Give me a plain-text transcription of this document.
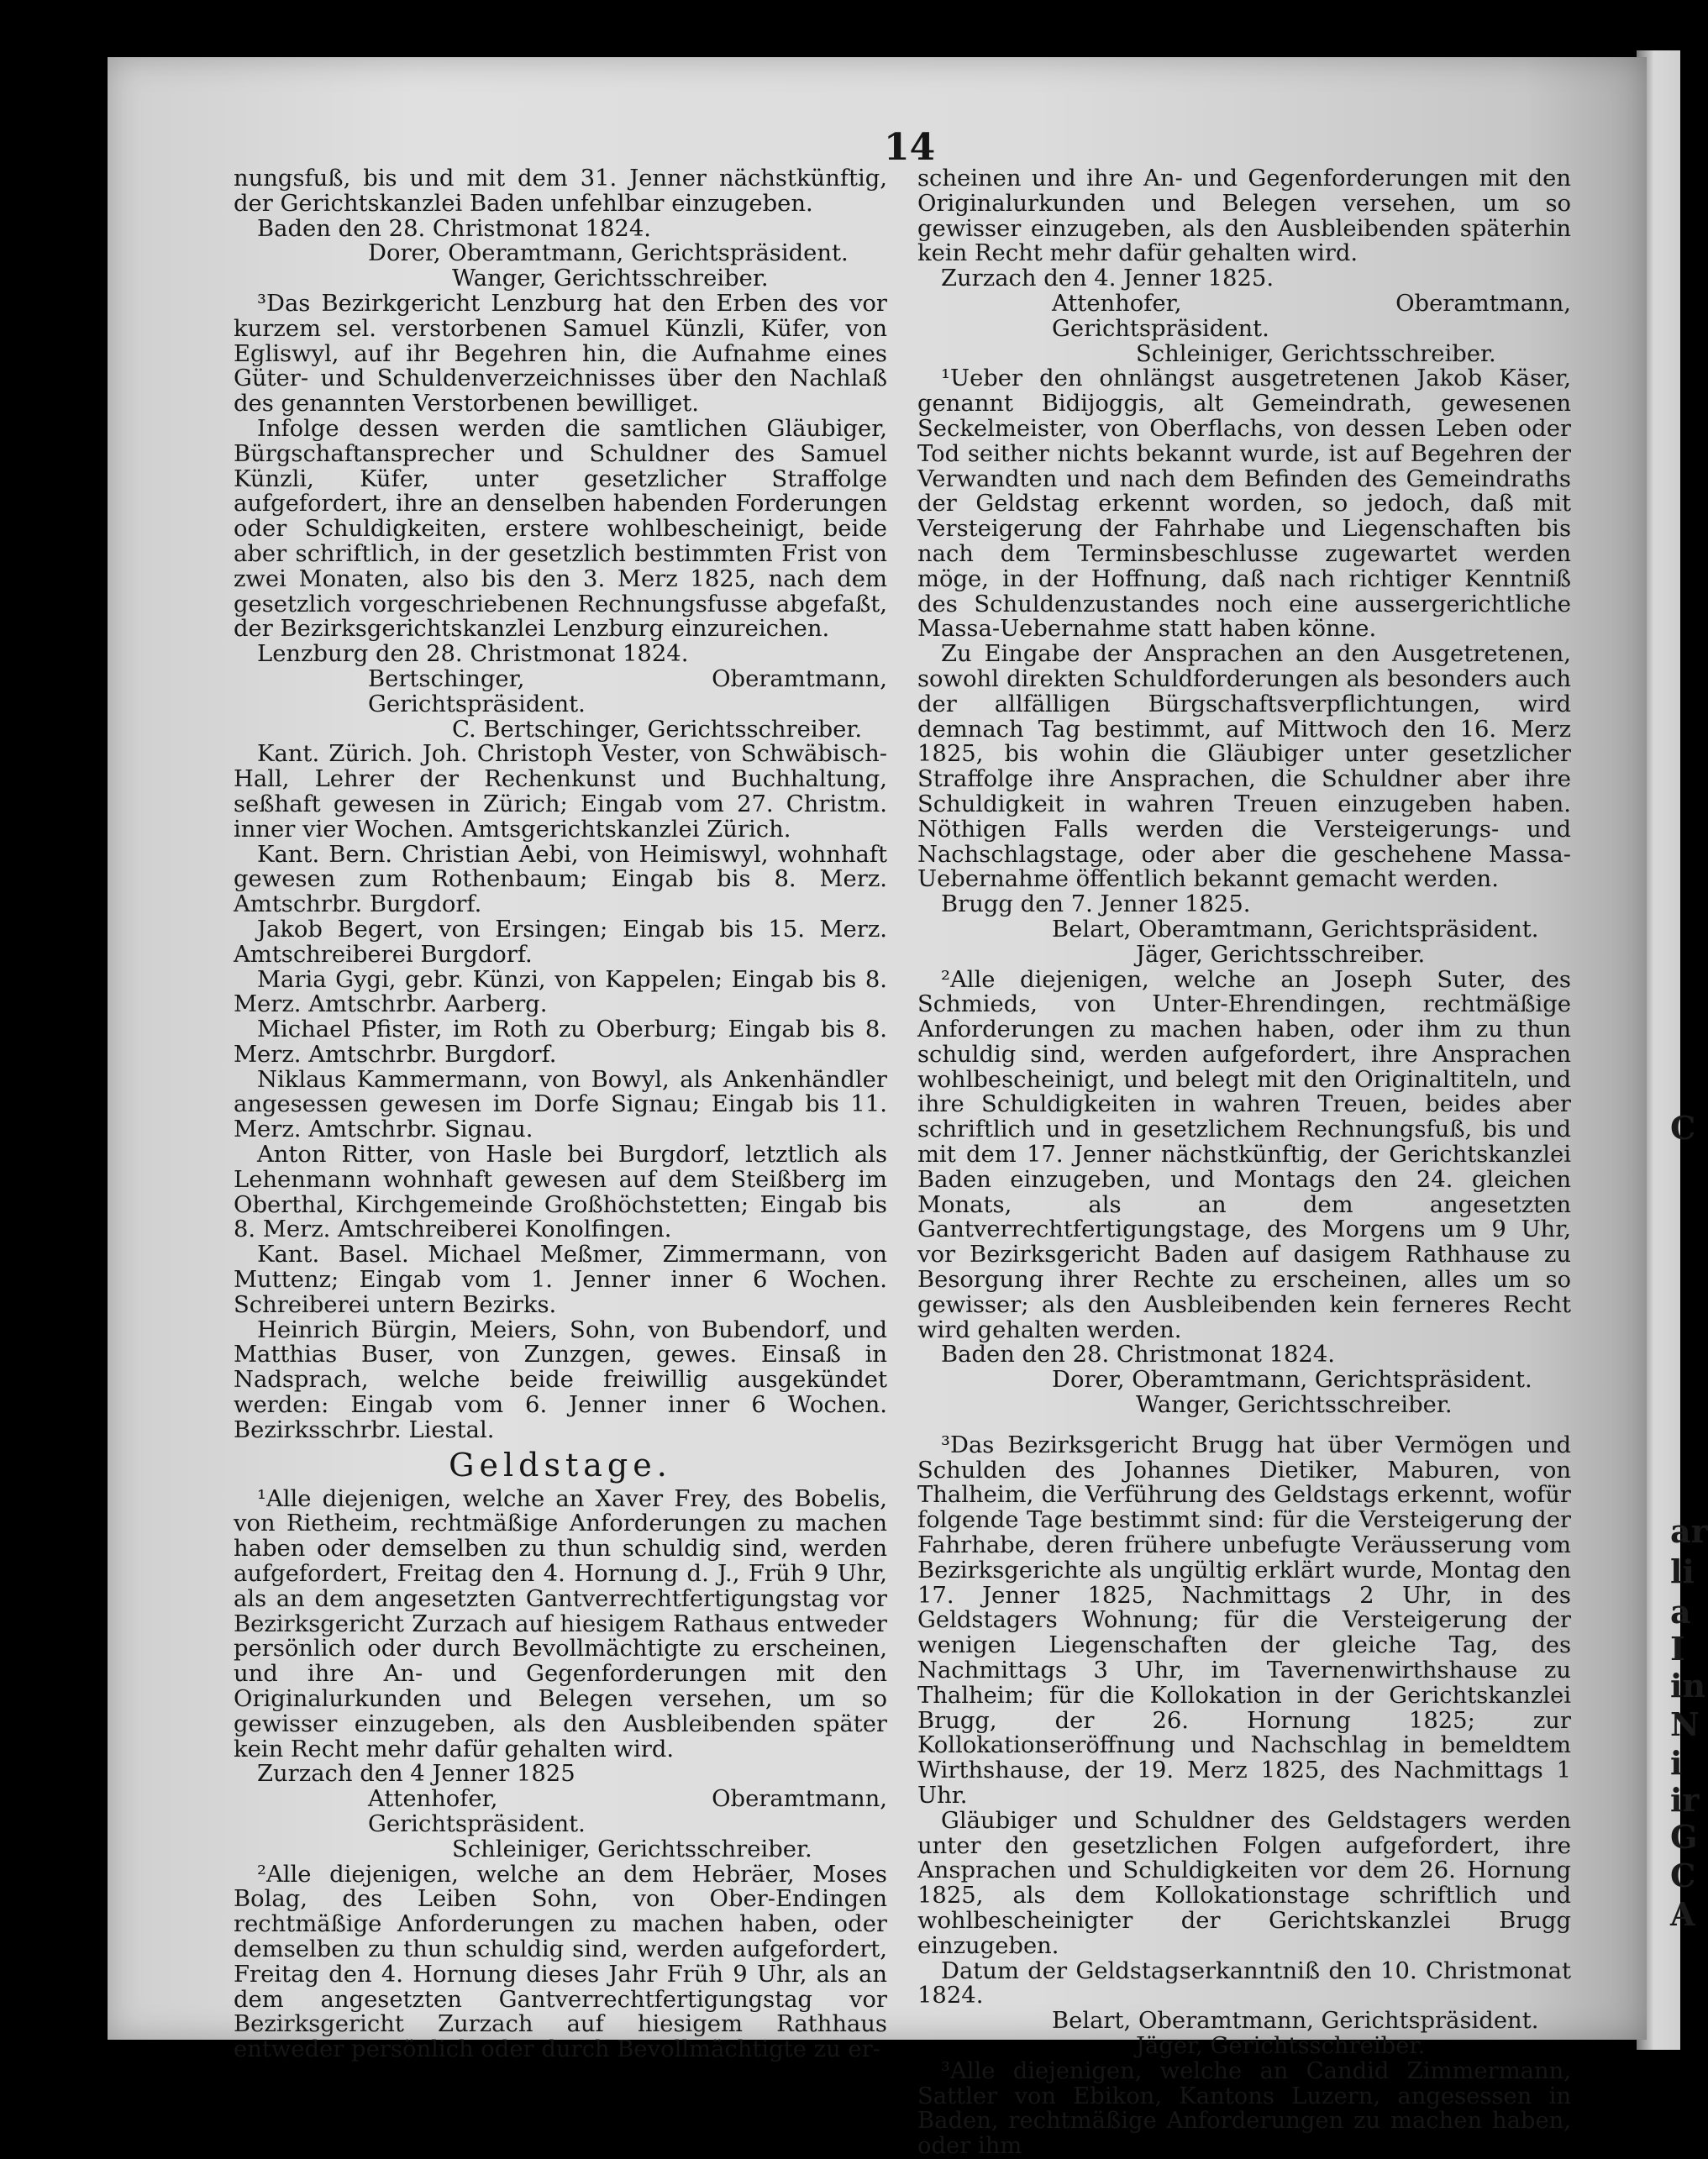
14

nungsfuß, bis und mit dem 31. Jenner nächstkünftig, der Gerichtskanzlei Baden unfehlbar einzugeben.

Baden den 28. Christmonat 1824.

Dorer, Oberamtmann, Gerichtspräsident.

Wanger, Gerichtsschreiber.

³Das Bezirkgericht Lenzburg hat den Erben des vor kurzem sel. verstorbenen Samuel Künzli, Küfer, von Egliswyl, auf ihr Begehren hin, die Aufnahme eines Güter- und Schuldenverzeichnisses über den Nachlaß des genannten Verstorbenen bewilliget.

Infolge dessen werden die samtlichen Gläubiger, Bürgschaftansprecher und Schuldner des Samuel Künzli, Küfer, unter gesetzlicher Straffolge aufgefordert, ihre an denselben habenden Forderungen oder Schuldigkeiten, erstere wohlbescheinigt, beide aber schriftlich, in der gesetzlich bestimmten Frist von zwei Monaten, also bis den 3. Merz 1825, nach dem gesetzlich vorgeschriebenen Rechnungsfusse abgefaßt, der Bezirksgerichtskanzlei Lenzburg einzureichen.

Lenzburg den 28. Christmonat 1824.

Bertschinger, Oberamtmann, Gerichtspräsident.

C. Bertschinger, Gerichtsschreiber.

Kant. Zürich. Joh. Christoph Vester, von Schwäbisch-Hall, Lehrer der Rechenkunst und Buchhaltung, seßhaft gewesen in Zürich; Eingab vom 27. Christm. inner vier Wochen. Amtsgerichtskanzlei Zürich.

Kant. Bern. Christian Aebi, von Heimiswyl, wohnhaft gewesen zum Rothenbaum; Eingab bis 8. Merz. Amtschrbr. Burgdorf.

Jakob Begert, von Ersingen; Eingab bis 15. Merz. Amtschreiberei Burgdorf.

Maria Gygi, gebr. Künzi, von Kappelen; Eingab bis 8. Merz. Amtschrbr. Aarberg.

Michael Pfister, im Roth zu Oberburg; Eingab bis 8. Merz. Amtschrbr. Burgdorf.

Niklaus Kammermann, von Bowyl, als Ankenhändler angesessen gewesen im Dorfe Signau; Eingab bis 11. Merz. Amtschrbr. Signau.

Anton Ritter, von Hasle bei Burgdorf, letztlich als Lehenmann wohnhaft gewesen auf dem Steißberg im Oberthal, Kirchgemeinde Großhöchstetten; Eingab bis 8. Merz. Amtschreiberei Konolfingen.

Kant. Basel. Michael Meßmer, Zimmermann, von Muttenz; Eingab vom 1. Jenner inner 6 Wochen. Schreiberei untern Bezirks.

Heinrich Bürgin, Meiers, Sohn, von Bubendorf, und Matthias Buser, von Zunzgen, gewes. Einsaß in Nadsprach, welche beide freiwillig ausgekündet werden: Eingab vom 6. Jenner inner 6 Wochen. Bezirksschrbr. Liestal.

Geldstage.

¹Alle diejenigen, welche an Xaver Frey, des Bobelis, von Rietheim, rechtmäßige Anforderungen zu machen haben oder demselben zu thun schuldig sind, werden aufgefordert, Freitag den 4. Hornung d. J., Früh 9 Uhr, als an dem angesetzten Gantverrechtfertigungstag vor Bezirksgericht Zurzach auf hiesigem Rathaus entweder persönlich oder durch Bevollmächtigte zu erscheinen, und ihre An- und Gegenforderungen mit den Originalurkunden und Belegen versehen, um so gewisser einzugeben, als den Ausbleibenden später kein Recht mehr dafür gehalten wird.

Zurzach den 4 Jenner 1825

Attenhofer, Oberamtmann, Gerichtspräsident.

Schleiniger, Gerichtsschreiber.

²Alle diejenigen, welche an dem Hebräer, Moses Bolag, des Leiben Sohn, von Ober-Endingen rechtmäßige Anforderungen zu machen haben, oder demselben zu thun schuldig sind, werden aufgefordert, Freitag den 4. Hornung dieses Jahr Früh 9 Uhr, als an dem angesetzten Gantverrechtfertigungstag vor Bezirksgericht Zurzach auf hiesigem Rathhaus entweder persönlich oder durch Bevollmächtigte zu er-

scheinen und ihre An- und Gegenforderungen mit den Originalurkunden und Belegen versehen, um so gewisser einzugeben, als den Ausbleibenden späterhin kein Recht mehr dafür gehalten wird.

Zurzach den 4. Jenner 1825.

Attenhofer, Oberamtmann, Gerichtspräsident.

Schleiniger, Gerichtsschreiber.

¹Ueber den ohnlängst ausgetretenen Jakob Käser, genannt Bidijoggis, alt Gemeindrath, gewesenen Seckelmeister, von Oberflachs, von dessen Leben oder Tod seither nichts bekannt wurde, ist auf Begehren der Verwandten und nach dem Befinden des Gemeindraths der Geldstag erkennt worden, so jedoch, daß mit Versteigerung der Fahrhabe und Liegenschaften bis nach dem Terminsbeschlusse zugewartet werden möge, in der Hoffnung, daß nach richtiger Kenntniß des Schuldenzustandes noch eine aussergerichtliche Massa-Uebernahme statt haben könne.

Zu Eingabe der Ansprachen an den Ausgetretenen, sowohl direkten Schuldforderungen als besonders auch der allfälligen Bürgschaftsverpflichtungen, wird demnach Tag bestimmt, auf Mittwoch den 16. Merz 1825, bis wohin die Gläubiger unter gesetzlicher Straffolge ihre Ansprachen, die Schuldner aber ihre Schuldigkeit in wahren Treuen einzugeben haben. Nöthigen Falls werden die Versteigerungs- und Nachschlagstage, oder aber die geschehene Massa-Uebernahme öffentlich bekannt gemacht werden.

Brugg den 7. Jenner 1825.

Belart, Oberamtmann, Gerichtspräsident.

Jäger, Gerichtsschreiber.

²Alle diejenigen, welche an Joseph Suter, des Schmieds, von Unter-Ehrendingen, rechtmäßige Anforderungen zu machen haben, oder ihm zu thun schuldig sind, werden aufgefordert, ihre Ansprachen wohlbescheinigt, und belegt mit den Originaltiteln, und ihre Schuldigkeiten in wahren Treuen, beides aber schriftlich und in gesetzlichem Rechnungsfuß, bis und mit dem 17. Jenner nächstkünftig, der Gerichtskanzlei Baden einzugeben, und Montags den 24. gleichen Monats, als an dem angesetzten Gantverrechtfertigungstage, des Morgens um 9 Uhr, vor Bezirksgericht Baden auf dasigem Rathhause zu Besorgung ihrer Rechte zu erscheinen, alles um so gewisser; als den Ausbleibenden kein ferneres Recht wird gehalten werden.

Baden den 28. Christmonat 1824.

Dorer, Oberamtmann, Gerichtspräsident.

Wanger, Gerichtsschreiber.

³Das Bezirksgericht Brugg hat über Vermögen und Schulden des Johannes Dietiker, Maburen, von Thalheim, die Verführung des Geldstags erkennt, wofür folgende Tage bestimmt sind: für die Versteigerung der Fahrhabe, deren frühere unbefugte Veräusserung vom Bezirksgerichte als ungültig erklärt wurde, Montag den 17. Jenner 1825, Nachmittags 2 Uhr, in des Geldstagers Wohnung; für die Versteigerung der wenigen Liegenschaften der gleiche Tag, des Nachmittags 3 Uhr, im Tavernenwirthshause zu Thalheim; für die Kollokation in der Gerichtskanzlei Brugg, der 26. Hornung 1825; zur Kollokationseröffnung und Nachschlag in bemeldtem Wirthshause, der 19. Merz 1825, des Nachmittags 1 Uhr.

Gläubiger und Schuldner des Geldstagers werden unter den gesetzlichen Folgen aufgefordert, ihre Ansprachen und Schuldigkeiten vor dem 26. Hornung 1825, als dem Kollokationstage schriftlich und wohlbescheinigter der Gerichtskanzlei Brugg einzugeben.

Datum der Geldstagserkanntniß den 10. Christmonat 1824.

Belart, Oberamtmann, Gerichtspräsident.

Jäger, Gerichtsschreiber.

³Alle diejenigen, welche an Candid Zimmermann, Sattler von Ebikon, Kantons Luzern, angesessen in Baden, rechtmäßige Anforderungen zu machen haben, oder ihm

C
ar
li
a
I
in
N
i
ir
G
C
A
